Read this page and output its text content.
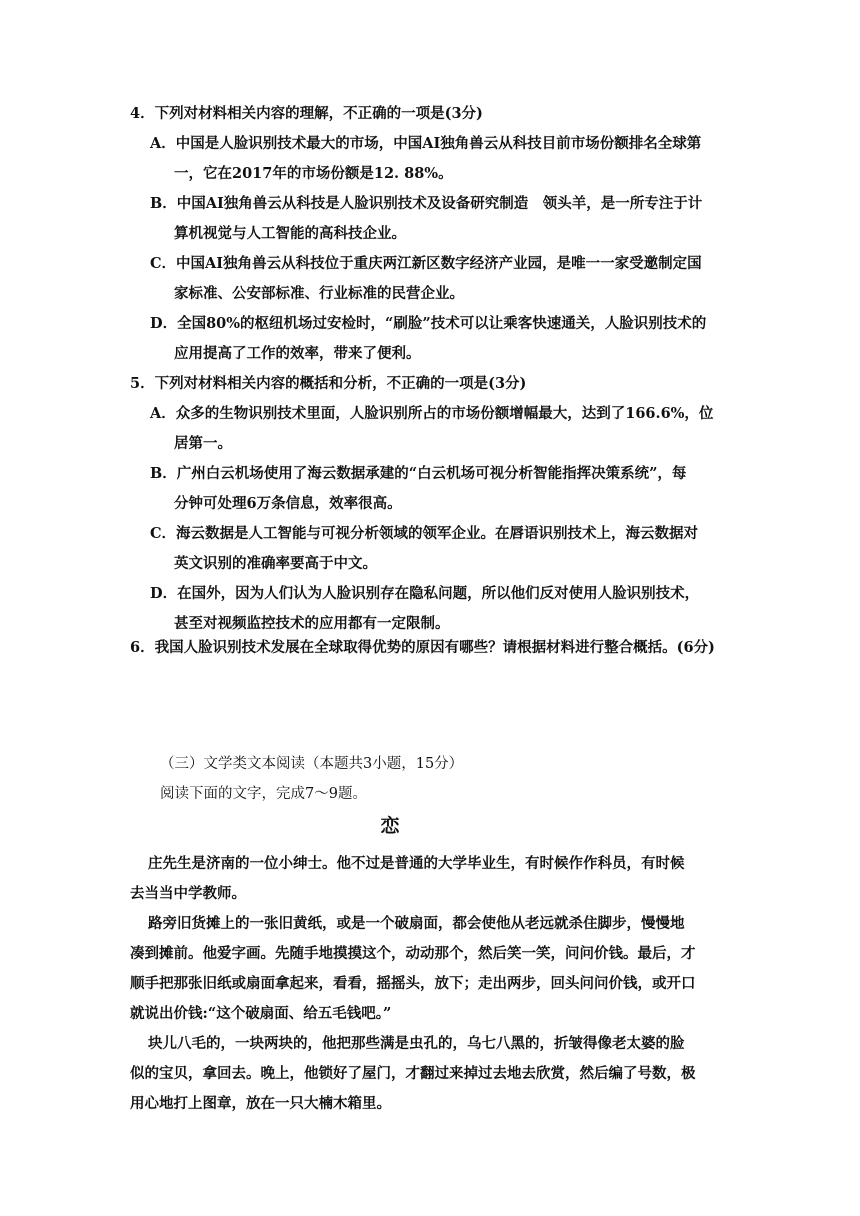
4．下列对材料相关内容的理解，不正确的一项是(3分)
A．中国是人脸识别技术最大的市场，中国AI独角兽云从科技目前市场份额排名全球第
一，它在2017年的市场份额是12. 88%。
B．中国AI独角兽云从科技是人脸识别技术及设备研究制造　领头羊，是一所专注于计
算机视觉与人工智能的高科技企业。
C．中国AI独角兽云从科技位于重庆两江新区数字经济产业园，是唯一一家受邀制定国
家标准、公安部标准、行业标准的民营企业。
D．全国80%的枢纽机场过安检时，“刷脸”技术可以让乘客快速通关，人脸识别技术的
应用提高了工作的效率，带来了便利。
5．下列对材料相关内容的概括和分析，不正确的一项是(3分)
A．众多的生物识别技术里面，人脸识别所占的市场份额增幅最大，达到了166.6%，位
居第一。
B．广州白云机场使用了海云数据承建的“白云机场可视分析智能指挥决策系统”，每
分钟可处理6万条信息，效率很高。
C．海云数据是人工智能与可视分析领域的领军企业。在唇语识别技术上，海云数据对
英文识别的准确率要高于中文。
D．在国外，因为人们认为人脸识别存在隐私问题，所以他们反对使用人脸识别技术，
甚至对视频监控技术的应用都有一定限制。
6．我国人脸识别技术发展在全球取得优势的原因有哪些？请根据材料进行整合概括。(6分)
（三）文学类文本阅读（本题共3小题，15分）
阅读下面的文字，完成7～9题。
恋
庄先生是济南的一位小绅士。他不过是普通的大学毕业生，有时候作作科员，有时候
去当当中学教师。
路旁旧货摊上的一张旧黄纸，或是一个破扇面，都会使他从老远就杀住脚步，慢慢地
凑到摊前。他爱字画。先随手地摸摸这个，动动那个，然后笑一笑，问问价钱。最后，才
顺手把那张旧纸或扇面拿起来，看看，摇摇头，放下；走出两步，回头问问价钱，或开口
就说出价钱:“这个破扇面、给五毛钱吧。”
块儿八毛的，一块两块的，他把那些满是虫孔的，乌七八黑的，折皱得像老太婆的脸
似的宝贝，拿回去。晚上，他锁好了屋门，才翻过来掉过去地去欣赏，然后编了号数，极
用心地打上图章，放在一只大楠木箱里。
